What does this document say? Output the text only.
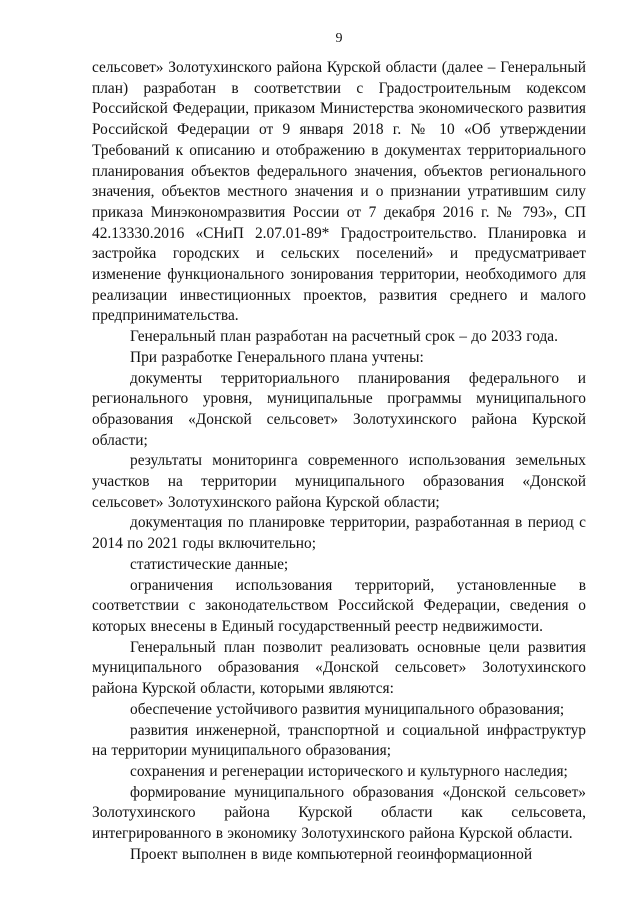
9

сельсовет» Золотухинского района Курской области (далее – Генеральный план) разработан в соответствии с Градостроительным кодексом Российской Федерации, приказом Министерства экономического развития Российской Федерации от 9 января 2018 г. № 10 «Об утверждении Требований к описанию и отображению в документах территориального планирования объектов федерального значения, объектов регионального значения, объектов местного значения и о признании утратившим силу приказа Минэкономразвития России от 7 декабря 2016 г. № 793», СП 42.13330.2016 «СНиП 2.07.01-89* Градостроительство. Планировка и застройка городских и сельских поселений» и предусматривает изменение функционального зонирования территории, необходимого для реализации инвестиционных проектов, развития среднего и малого предпринимательства.

Генеральный план разработан на расчетный срок – до 2033 года.

При разработке Генерального плана учтены:

документы территориального планирования федерального и регионального уровня, муниципальные программы муниципального образования «Донской сельсовет» Золотухинского района Курской области;

результаты мониторинга современного использования земельных участков на территории муниципального образования «Донской сельсовет» Золотухинского района Курской области;

документация по планировке территории, разработанная в период с 2014 по 2021 годы включительно;

статистические данные;

ограничения использования территорий, установленные в соответствии с законодательством Российской Федерации, сведения о которых внесены в Единый государственный реестр недвижимости.

Генеральный план позволит реализовать основные цели развития муниципального образования «Донской сельсовет» Золотухинского района Курской области, которыми являются:

обеспечение устойчивого развития муниципального образования;

развития инженерной, транспортной и социальной инфраструктур на территории муниципального образования;

сохранения и регенерации исторического и культурного наследия;

формирование муниципального образования «Донской сельсовет» Золотухинского района Курской области как сельсовета, интегрированного в экономику Золотухинского района Курской области.

Проект выполнен в виде компьютерной геоинформационной
